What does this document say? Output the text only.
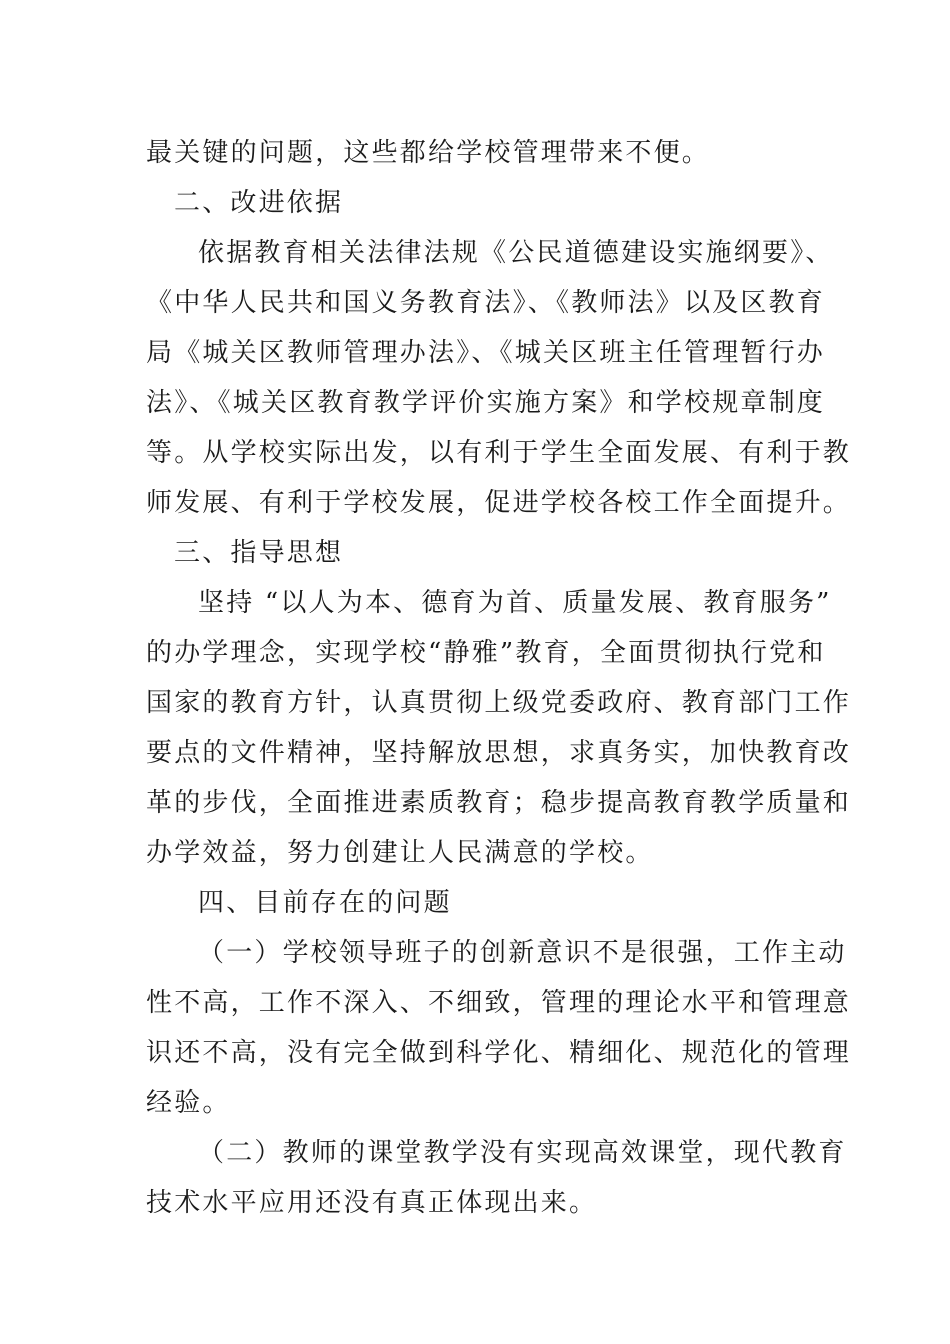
最关键的问题，这些都给学校管理带来不便。
二、改进依据
依据教育相关法律法规《公民道德建设实施纲要》、
《中华人民共和国义务教育法》、《教师法》以及区教育
局《城关区教师管理办法》、《城关区班主任管理暂行办
法》、《城关区教育教学评价实施方案》和学校规章制度
等。从学校实际出发，以有利于学生全面发展、有利于教
师发展、有利于学校发展，促进学校各校工作全面提升。
三、指导思想
坚持 “以人为本、德育为首、质量发展、教育服务”
的办学理念，实现学校“静雅”教育，全面贯彻执行党和
国家的教育方针，认真贯彻上级党委政府、教育部门工作
要点的文件精神，坚持解放思想，求真务实，加快教育改
革的步伐，全面推进素质教育；稳步提高教育教学质量和
办学效益，努力创建让人民满意的学校。
四、目前存在的问题
（一）学校领导班子的创新意识不是很强，工作主动
性不高，工作不深入、不细致，管理的理论水平和管理意
识还不高，没有完全做到科学化、精细化、规范化的管理
经验。
（二）教师的课堂教学没有实现高效课堂，现代教育
技术水平应用还没有真正体现出来。
